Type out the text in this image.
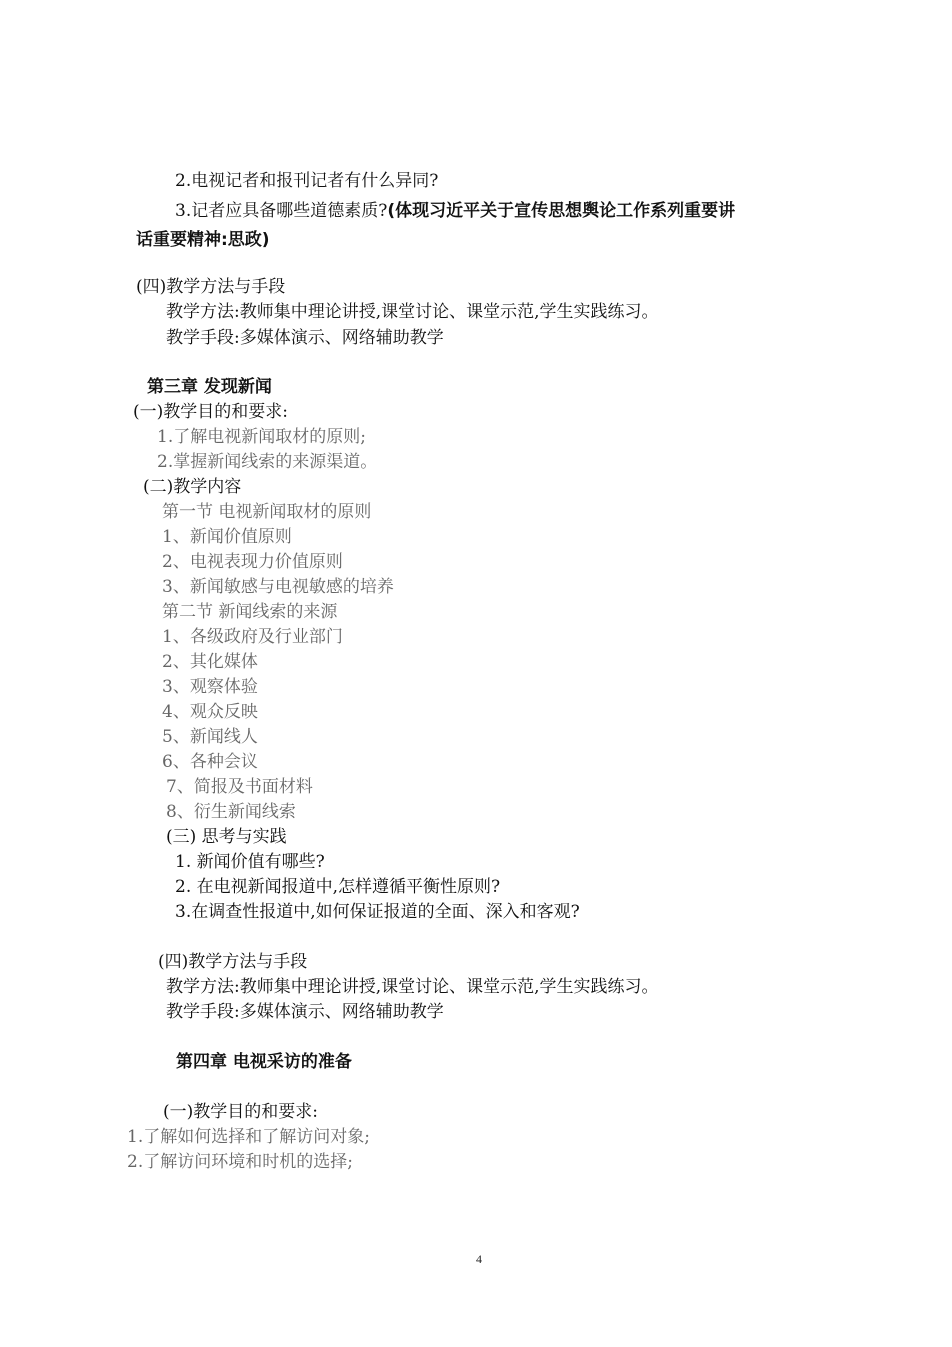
2.电视记者和报刊记者有什么异同?
3.记者应具备哪些道德素质?(体现习近平关于宣传思想舆论工作系列重要讲
话重要精神:思政)
(四)教学方法与手段
教学方法:教师集中理论讲授,课堂讨论、课堂示范,学生实践练习。
教学手段:多媒体演示、网络辅助教学
第三章 发现新闻
(一)教学目的和要求:
1.了解电视新闻取材的原则;
2.掌握新闻线索的来源渠道。
(二)教学内容
第一节 电视新闻取材的原则
1、新闻价值原则
2、电视表现力价值原则
3、新闻敏感与电视敏感的培养
第二节 新闻线索的来源
1、各级政府及行业部门
2、其化媒体
3、观察体验
4、观众反映
5、新闻线人
6、各种会议
7、简报及书面材料
8、衍生新闻线索
(三) 思考与实践
1. 新闻价值有哪些?
2. 在电视新闻报道中,怎样遵循平衡性原则?
3.在调查性报道中,如何保证报道的全面、深入和客观?
(四)教学方法与手段
教学方法:教师集中理论讲授,课堂讨论、课堂示范,学生实践练习。
教学手段:多媒体演示、网络辅助教学
第四章 电视采访的准备
(一)教学目的和要求:
1.了解如何选择和了解访问对象;
2.了解访问环境和时机的选择;
4
